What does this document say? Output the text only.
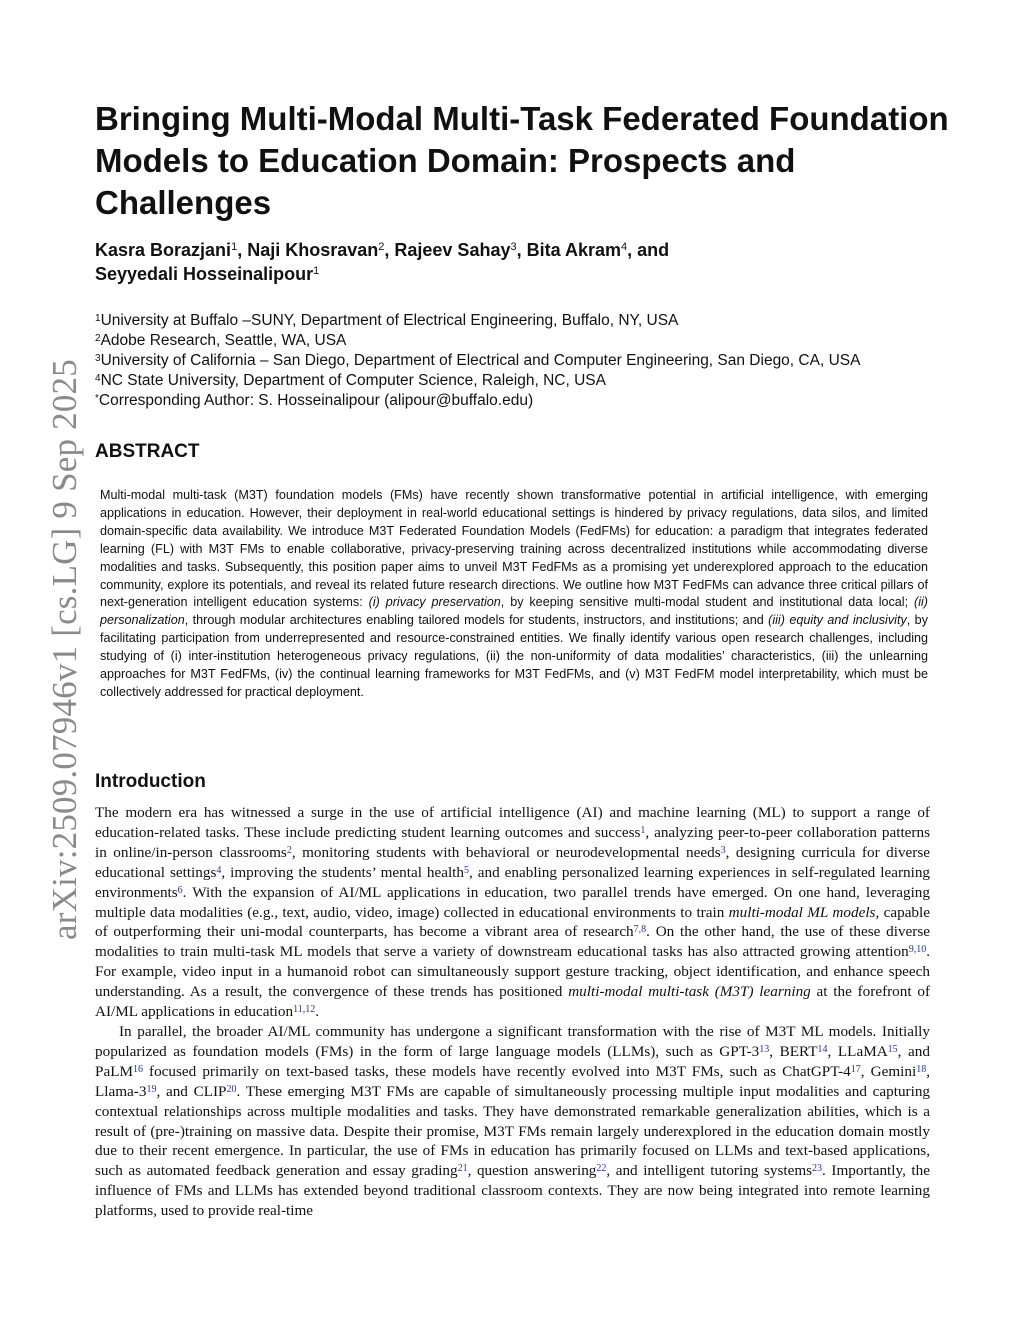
arXiv:2509.07946v1 [cs.LG] 9 Sep 2025
Bringing Multi-Modal Multi-Task Federated Foundation Models to Education Domain: Prospects and Challenges
Kasra Borazjani$^1$, Naji Khosravan$^2$, Rajeev Sahay$^3$, Bita Akram$^4$, and
Seyyedali Hosseinalipour$^1$
$^1$University at Buffalo –SUNY, Department of Electrical Engineering, Buffalo, NY, USA
$^2$Adobe Research, Seattle, WA, USA
$^3$University of California – San Diego, Department of Electrical and Computer Engineering, San Diego, CA, USA
$^4$NC State University, Department of Computer Science, Raleigh, NC, USA
*Corresponding Author: S. Hosseinalipour (alipour@buffalo.edu)
ABSTRACT
Multi-modal multi-task (M3T) foundation models (FMs) have recently shown transformative potential in artificial intelligence, with emerging applications in education. However, their deployment in real-world educational settings is hindered by privacy regulations, data silos, and limited domain-specific data availability. We introduce M3T Federated Foundation Models (FedFMs) for education: a paradigm that integrates federated learning (FL) with M3T FMs to enable collaborative, privacy-preserving training across decentralized institutions while accommodating diverse modalities and tasks. Subsequently, this position paper aims to unveil M3T FedFMs as a promising yet underexplored approach to the education community, explore its potentials, and reveal its related future research directions. We outline how M3T FedFMs can advance three critical pillars of next-generation intelligent education systems: (i) privacy preservation, by keeping sensitive multi-modal student and institutional data local; (ii) personalization, through modular architectures enabling tailored models for students, instructors, and institutions; and (iii) equity and inclusivity, by facilitating participation from underrepresented and resource-constrained entities. We finally identify various open research challenges, including studying of (i) inter-institution heterogeneous privacy regulations, (ii) the non-uniformity of data modalities’ characteristics, (iii) the unlearning approaches for M3T FedFMs, (iv) the continual learning frameworks for M3T FedFMs, and (v) M3T FedFM model interpretability, which must be collectively addressed for practical deployment.
Introduction

The modern era has witnessed a surge in the use of artificial intelligence (AI) and machine learning (ML) to support a range of education-related tasks. These include predicting student learning outcomes and success$^1$, analyzing peer-to-peer collaboration patterns in online/in-person classrooms$^2$, monitoring students with behavioral or neurodevelopmental needs$^3$, designing curricula for diverse educational settings$^4$, improving the students’ mental health$^5$, and enabling personalized learning experiences in self-regulated learning environments$^6$. With the expansion of AI/ML applications in education, two parallel trends have emerged. On one hand, leveraging multiple data modalities (e.g., text, audio, video, image) collected in educational environments to train multi-modal ML models, capable of outperforming their uni-modal counterparts, has become a vibrant area of research$^{7,8}$. On the other hand, the use of these diverse modalities to train multi-task ML models that serve a variety of downstream educational tasks has also attracted growing attention$^{9,10}$. For example, video input in a humanoid robot can simultaneously support gesture tracking, object identification, and enhance speech understanding. As a result, the convergence of these trends has positioned multi-modal multi-task (M3T) learning at the forefront of AI/ML applications in education$^{11,12}$.

In parallel, the broader AI/ML community has undergone a significant transformation with the rise of M3T ML models. Initially popularized as foundation models (FMs) in the form of large language models (LLMs), such as GPT-3$^{13}$, BERT$^{14}$, LLaMA$^{15}$, and PaLM$^{16}$ focused primarily on text-based tasks, these models have recently evolved into M3T FMs, such as ChatGPT-4$^{17}$, Gemini$^{18}$, Llama-3$^{19}$, and CLIP$^{20}$. These emerging M3T FMs are capable of simultaneously processing multiple input modalities and capturing contextual relationships across multiple modalities and tasks. They have demonstrated remarkable generalization abilities, which is a result of (pre-)training on massive data. Despite their promise, M3T FMs remain largely underexplored in the education domain mostly due to their recent emergence. In particular, the use of FMs in education has primarily focused on LLMs and text-based applications, such as automated feedback generation and essay grading$^{21}$, question answering$^{22}$, and intelligent tutoring systems$^{23}$. Importantly, the influence of FMs and LLMs has extended beyond traditional classroom contexts. They are now being integrated into remote learning platforms, used to provide real-time
